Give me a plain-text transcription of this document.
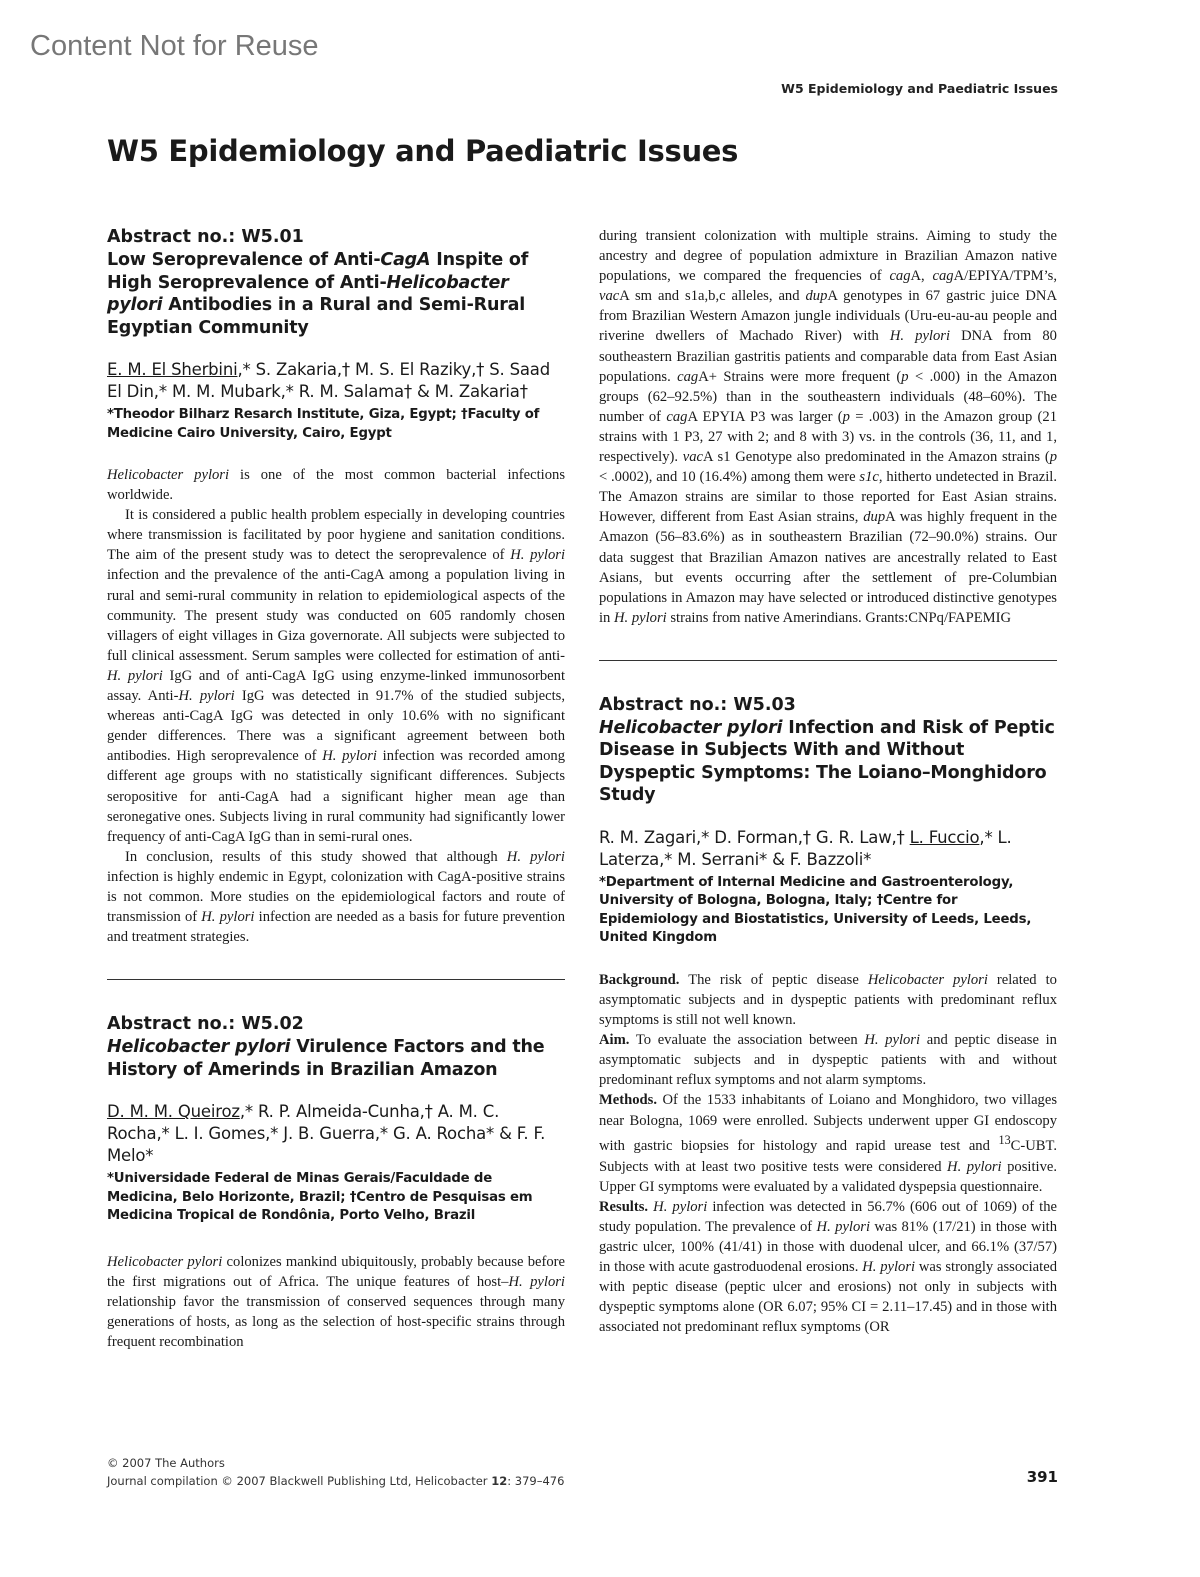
Content Not for Reuse
W5 Epidemiology and Paediatric Issues
W5 Epidemiology and Paediatric Issues

Abstract no.: W5.01

Low Seroprevalence of Anti-CagA Inspite of High Seroprevalence of Anti-Helicobacter pylori Antibodies in a Rural and Semi-Rural Egyptian Community

E. M. El Sherbini,* S. Zakaria,† M. S. El Raziky,† S. Saad El Din,* M. M. Mubark,* R. M. Salama† & M. Zakaria†

*Theodor Bilharz Resarch Institute, Giza, Egypt; †Faculty of Medicine Cairo University, Cairo, Egypt

Helicobacter pylori is one of the most common bacterial infections worldwide.

It is considered a public health problem especially in developing countries where transmission is facilitated by poor hygiene and sanitation conditions. The aim of the present study was to detect the seroprevalence of H. pylori infection and the prevalence of the anti-CagA among a population living in rural and semi-rural community in relation to epidemiological aspects of the community. The present study was conducted on 605 randomly chosen villagers of eight villages in Giza governorate. All subjects were subjected to full clinical assessment. Serum samples were collected for estimation of anti-H. pylori IgG and of anti-CagA IgG using enzyme-linked immunosorbent assay. Anti-H. pylori IgG was detected in 91.7% of the studied subjects, whereas anti-CagA IgG was detected in only 10.6% with no significant gender differences. There was a significant agreement between both antibodies. High seroprevalence of H. pylori infection was recorded among different age groups with no statistically significant differences. Subjects seropositive for anti-CagA had a significant higher mean age than seronegative ones. Subjects living in rural community had significantly lower frequency of anti-CagA IgG than in semi-rural ones.

In conclusion, results of this study showed that although H. pylori infection is highly endemic in Egypt, colonization with CagA-positive strains is not common. More studies on the epidemiological factors and route of transmission of H. pylori infection are needed as a basis for future prevention and treatment strategies.

Abstract no.: W5.02

Helicobacter pylori Virulence Factors and the History of Amerinds in Brazilian Amazon

D. M. M. Queiroz,* R. P. Almeida-Cunha,† A. M. C. Rocha,* L. I. Gomes,* J. B. Guerra,* G. A. Rocha* & F. F. Melo*

*Universidade Federal de Minas Gerais/Faculdade de Medicina, Belo Horizonte, Brazil; †Centro de Pesquisas em Medicina Tropical de Rondônia, Porto Velho, Brazil

Helicobacter pylori colonizes mankind ubiquitously, probably because before the first migrations out of Africa. The unique features of host–H. pylori relationship favor the transmission of conserved sequences through many generations of hosts, as long as the selection of host-specific strains through frequent recombination

during transient colonization with multiple strains. Aiming to study the ancestry and degree of population admixture in Brazilian Amazon native populations, we compared the frequencies of cagA, cagA/EPIYA/TPM’s, vacA sm and s1a,b,c alleles, and dupA genotypes in 67 gastric juice DNA from Brazilian Western Amazon jungle individuals (Uru-eu-au-au people and riverine dwellers of Machado River) with H. pylori DNA from 80 southeastern Brazilian gastritis patients and comparable data from East Asian populations. cagA+ Strains were more frequent (p < .000) in the Amazon groups (62–92.5%) than in the southeastern individuals (48–60%). The number of cagA EPYIA P3 was larger (p = .003) in the Amazon group (21 strains with 1 P3, 27 with 2; and 8 with 3) vs. in the controls (36, 11, and 1, respectively). vacA s1 Genotype also predominated in the Amazon strains (p < .0002), and 10 (16.4%) among them were s1c, hitherto undetected in Brazil. The Amazon strains are similar to those reported for East Asian strains. However, different from East Asian strains, dupA was highly frequent in the Amazon (56–83.6%) as in southeastern Brazilian (72–90.0%) strains. Our data suggest that Brazilian Amazon natives are ancestrally related to East Asians, but events occurring after the settlement of pre-Columbian populations in Amazon may have selected or introduced distinctive genotypes in H. pylori strains from native Amerindians. Grants:CNPq/FAPEMIG

Abstract no.: W5.03

Helicobacter pylori Infection and Risk of Peptic Disease in Subjects With and Without Dyspeptic Symptoms: The Loiano–Monghidoro Study

R. M. Zagari,* D. Forman,† G. R. Law,† L. Fuccio,* L. Laterza,* M. Serrani* & F. Bazzoli*

*Department of Internal Medicine and Gastroenterology, University of Bologna, Bologna, Italy; †Centre for Epidemiology and Biostatistics, University of Leeds, Leeds, United Kingdom

Background. The risk of peptic disease Helicobacter pylori related to asymptomatic subjects and in dyspeptic patients with predominant reflux symptoms is still not well known.

Aim. To evaluate the association between H. pylori and peptic disease in asymptomatic subjects and in dyspeptic patients with and without predominant reflux symptoms and not alarm symptoms.

Methods. Of the 1533 inhabitants of Loiano and Monghidoro, two villages near Bologna, 1069 were enrolled. Subjects underwent upper GI endoscopy with gastric biopsies for histology and rapid urease test and $^{13}$C-UBT. Subjects with at least two positive tests were considered H. pylori positive. Upper GI symptoms were evaluated by a validated dyspepsia questionnaire.

Results. H. pylori infection was detected in 56.7% (606 out of 1069) of the study population. The prevalence of H. pylori was 81% (17/21) in those with gastric ulcer, 100% (41/41) in those with duodenal ulcer, and 66.1% (37/57) in those with acute gastroduodenal erosions. H. pylori was strongly associated with peptic disease (peptic ulcer and erosions) not only in subjects with dyspeptic symptoms alone (OR 6.07; 95% CI = 2.11–17.45) and in those with associated not predominant reflux symptoms (OR

© 2007 The Authors
Journal compilation © 2007 Blackwell Publishing Ltd, Helicobacter 12: 379–476	391
